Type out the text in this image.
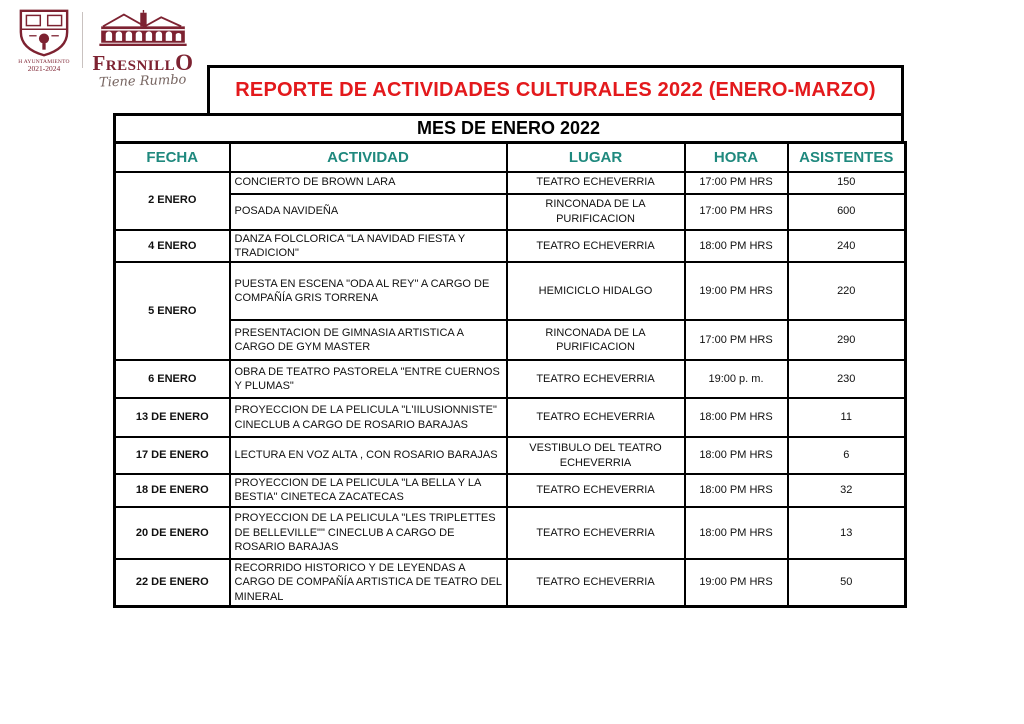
H AYUNTAMIENTO
2021-2024	FresnillO
Tiene Rumbo REPORTE DE ACTIVIDADES CULTURALES 2022 (ENERO-MARZO)
MES DE ENERO 2022
FECHA	ACTIVIDAD	LUGAR	HORA	ASISTENTES
2 ENERO	CONCIERTO DE BROWN LARA	TEATRO ECHEVERRIA	17:00 PM HRS	150
	POSADA NAVIDEÑA	RINCONADA DE LA PURIFICACION	17:00 PM HRS	600
4 ENERO	DANZA FOLCLORICA "LA NAVIDAD FIESTA Y TRADICION"	TEATRO ECHEVERRIA	18:00 PM HRS	240
5 ENERO	PUESTA EN ESCENA "ODA AL REY" A CARGO DE COMPAÑÍA GRIS TORRENA	HEMICICLO HIDALGO	19:00 PM HRS	220
	PRESENTACION DE GIMNASIA ARTISTICA A CARGO DE GYM MASTER	RINCONADA DE LA PURIFICACION	17:00 PM HRS	290
6 ENERO	OBRA DE TEATRO PASTORELA "ENTRE CUERNOS Y PLUMAS"	TEATRO ECHEVERRIA	19:00 p. m.	230
13 DE ENERO	PROYECCION DE LA PELICULA "L'IILUSIONNISTE" CINECLUB A CARGO DE ROSARIO BARAJAS	TEATRO ECHEVERRIA	18:00 PM HRS	11
17 DE ENERO	LECTURA EN VOZ ALTA , CON ROSARIO BARAJAS	VESTIBULO DEL TEATRO ECHEVERRIA	18:00 PM HRS	6
18 DE ENERO	PROYECCION DE LA PELICULA "LA BELLA Y LA BESTIA" CINETECA ZACATECAS	TEATRO ECHEVERRIA	18:00 PM HRS	32
20 DE ENERO	PROYECCION DE LA PELICULA "LES TRIPLETTES DE BELLEVILLE"" CINECLUB A CARGO DE ROSARIO BARAJAS	TEATRO ECHEVERRIA	18:00 PM HRS	13
22 DE ENERO	RECORRIDO HISTORICO Y DE LEYENDAS A CARGO DE COMPAÑÍA ARTISTICA DE TEATRO DEL MINERAL	TEATRO ECHEVERRIA	19:00 PM HRS	50
